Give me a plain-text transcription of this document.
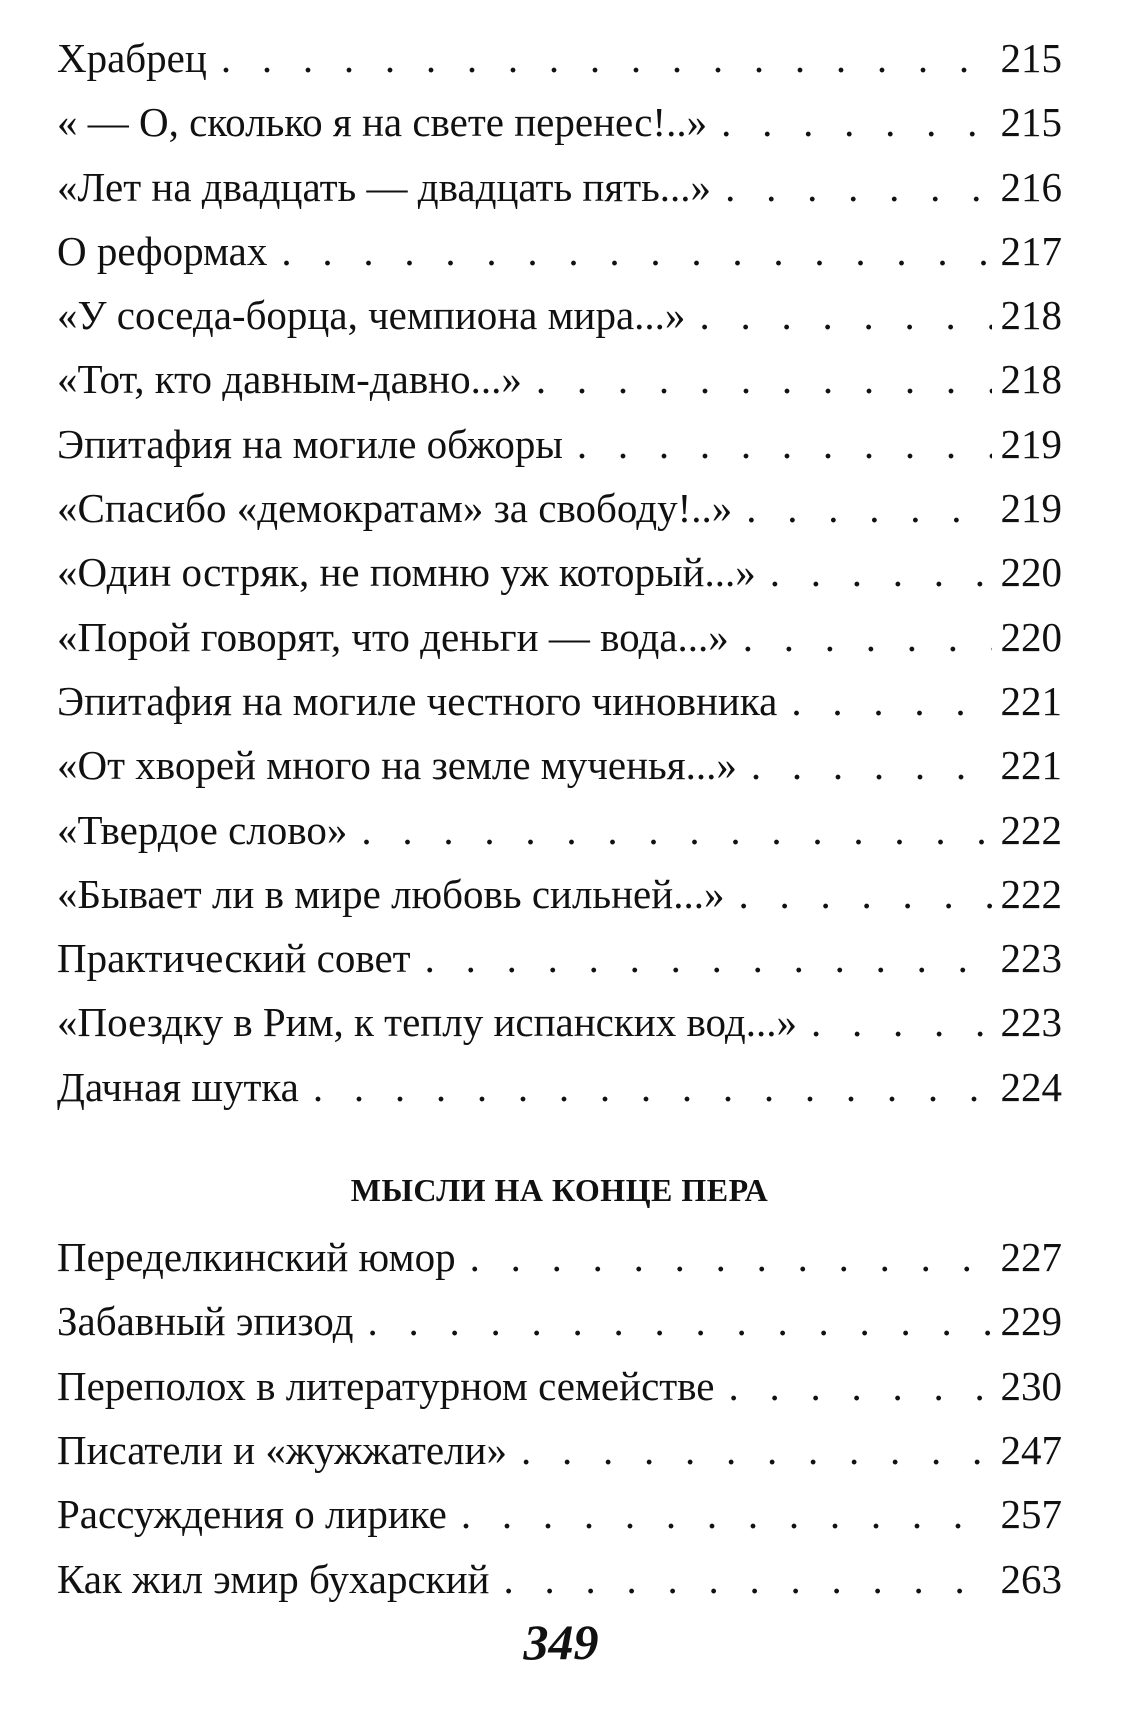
Храбрец . .	215
« — О, сколько я на свете перенес!..» . .	215
«Лет на двадцать — двадцать пять...» . .	216
О реформах . .	217
«У соседа-борца, чемпиона мира...» . .	218
«Тот, кто давным-давно...» . .	218
Эпитафия на могиле обжоры . .	219
«Спасибо «демократам» за свободу!..» . .	219
«Один остряк, не помню уж который...» . .	220
«Порой говорят, что деньги — вода...» . .	220
Эпитафия на могиле честного чиновника . .	221
«От хворей много на земле мученья...» . .	221
«Твердое слово» . .	222
«Бывает ли в мире любовь сильней...» . .	222
Практический совет . .	223
«Поездку в Рим, к теплу испанских вод...» . .	223
Дачная шутка . .	224
МЫСЛИ НА КОНЦЕ ПЕРА
Переделкинский юмор . .	227
Забавный эпизод . .	229
Переполох в литературном семействе . .	230
Писатели и «жужжатели» . .	247
Рассуждения о лирике . .	257
Как жил эмир бухарский . .	263
349
